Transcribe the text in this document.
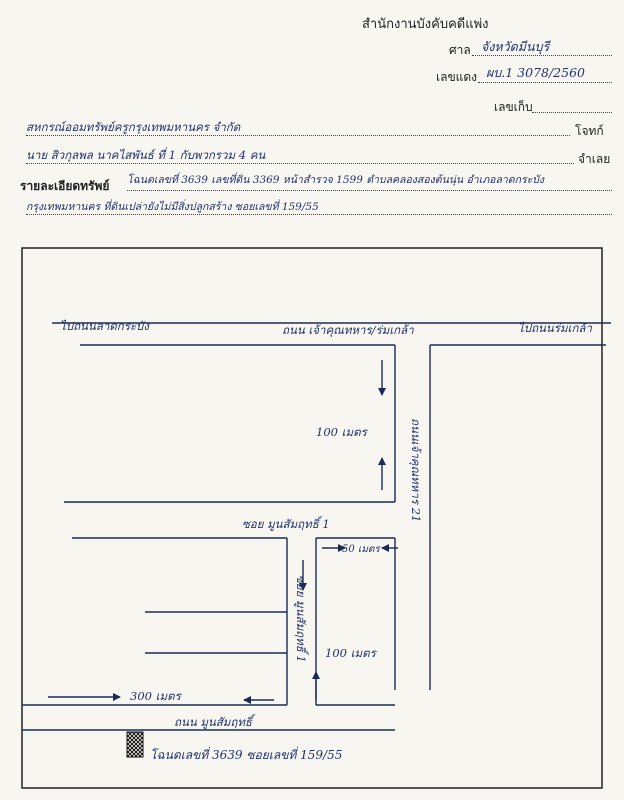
สำนักงานบังคับคดีแพ่ง
ศาล จังหวัดมีนบุรี
เลขแดง ผบ.1 3078/2560
เลขเก็บ
สหกรณ์ออมทรัพย์ครูกรุงเทพมหานคร จำกัด	โจทก์
นาย สิวกุลพล นาคไสพันธ์ ที่ 1 กับพวกรวม 4 คน	จำเลย
รายละเอียดทรัพย์ โฉนดเลขที่ 3639 เลขที่ดิน 3369 หน้าสำรวจ 1599 ตำบลคลองสองต้นนุ่น อำเภอลาดกระบัง
กรุงเทพมหานคร ที่ดินเปล่ายังไม่มีสิ่งปลูกสร้าง ซอยเลขที่ 159/55
ไปถนนลาดกระบัง	ไปถนนร่มเกล้า
ถนน เจ้าคุณทหาร/ร่มเกล้า
100 เมตร	ถนนเจ้าคุณทหาร 21
ซอย มูนสัมฤทธิ์ 1
50 เมตร
ซอย มูนสัมฤทธิ์ 1 100 เมตร
300 เมตร
ถนน มูนสัมฤทธิ์
โฉนดเลขที่ 3639 ซอยเลขที่ 159/55
